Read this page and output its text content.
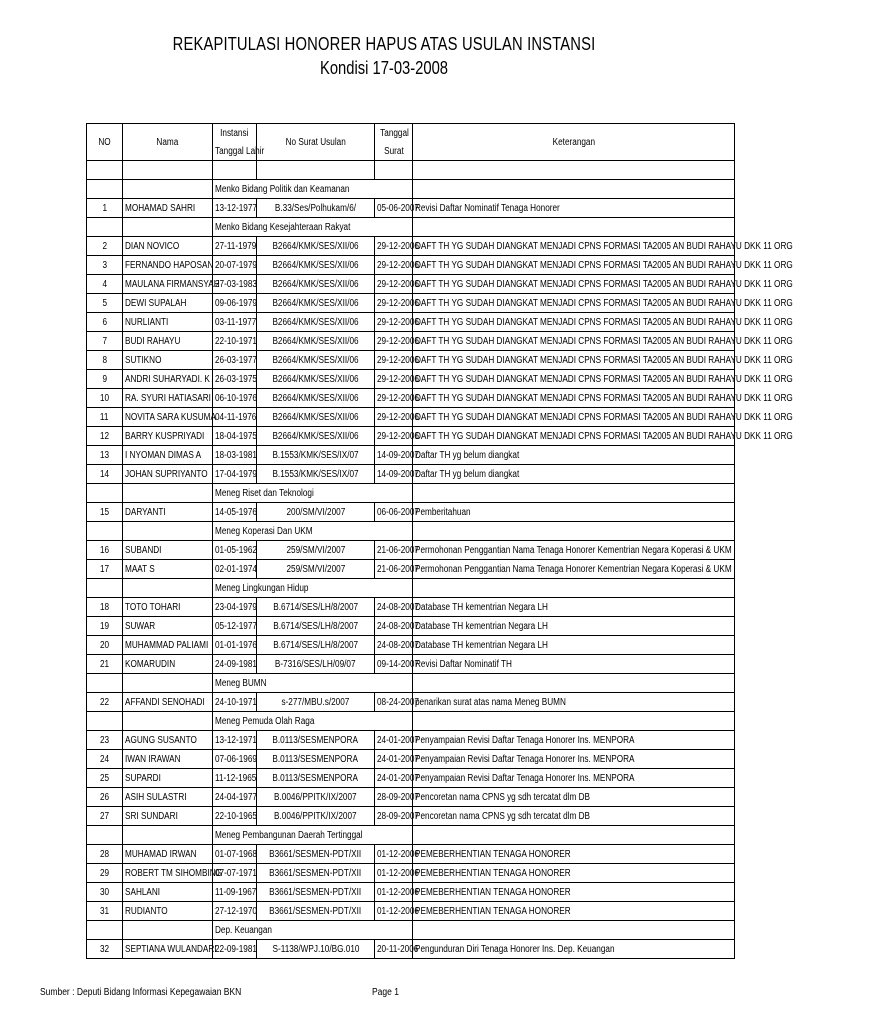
REKAPITULASI HONORER HAPUS ATAS USULAN INSTANSI
Kondisi 17-03-2008
NO	Nama	Instansi	No Surat Usulan	Tanggal	Keterangan
		Tanggal Lahir		Surat	

		Menko Bidang Politik dan Keamanan			
1	MOHAMAD SAHRI	13-12-1977	B.33/Ses/Polhukam/6/	05-06-2007	Revisi Daftar Nominatif Tenaga Honorer
		Menko Bidang Kesejahteraan Rakyat			
2	DIAN NOVICO	27-11-1979	B2664/KMK/SES/XII/06	29-12-2006	DAFT TH YG SUDAH DIANGKAT MENJADI CPNS FORMASI TA2005 AN BUDI RAHAYU DKK 11 ORG
3	FERNANDO HAPOSAN	20-07-1979	B2664/KMK/SES/XII/06	29-12-2006	DAFT TH YG SUDAH DIANGKAT MENJADI CPNS FORMASI TA2005 AN BUDI RAHAYU DKK 11 ORG
4	MAULANA FIRMANSYAH	27-03-1983	B2664/KMK/SES/XII/06	29-12-2006	DAFT TH YG SUDAH DIANGKAT MENJADI CPNS FORMASI TA2005 AN BUDI RAHAYU DKK 11 ORG
5	DEWI SUPALAH	09-06-1979	B2664/KMK/SES/XII/06	29-12-2006	DAFT TH YG SUDAH DIANGKAT MENJADI CPNS FORMASI TA2005 AN BUDI RAHAYU DKK 11 ORG
6	NURLIANTI	03-11-1977	B2664/KMK/SES/XII/06	29-12-2006	DAFT TH YG SUDAH DIANGKAT MENJADI CPNS FORMASI TA2005 AN BUDI RAHAYU DKK 11 ORG
7	BUDI RAHAYU	22-10-1971	B2664/KMK/SES/XII/06	29-12-2006	DAFT TH YG SUDAH DIANGKAT MENJADI CPNS FORMASI TA2005 AN BUDI RAHAYU DKK 11 ORG
8	SUTIKNO	26-03-1977	B2664/KMK/SES/XII/06	29-12-2006	DAFT TH YG SUDAH DIANGKAT MENJADI CPNS FORMASI TA2005 AN BUDI RAHAYU DKK 11 ORG
9	ANDRI SUHARYADI. K	26-03-1975	B2664/KMK/SES/XII/06	29-12-2006	DAFT TH YG SUDAH DIANGKAT MENJADI CPNS FORMASI TA2005 AN BUDI RAHAYU DKK 11 ORG
10	RA. SYURI HATIASARI	06-10-1976	B2664/KMK/SES/XII/06	29-12-2006	DAFT TH YG SUDAH DIANGKAT MENJADI CPNS FORMASI TA2005 AN BUDI RAHAYU DKK 11 ORG
11	NOVITA SARA KUSUMA	04-11-1976	B2664/KMK/SES/XII/06	29-12-2006	DAFT TH YG SUDAH DIANGKAT MENJADI CPNS FORMASI TA2005 AN BUDI RAHAYU DKK 11 ORG
12	BARRY KUSPRIYADI	18-04-1975	B2664/KMK/SES/XII/06	29-12-2006	DAFT TH YG SUDAH DIANGKAT MENJADI CPNS FORMASI TA2005 AN BUDI RAHAYU DKK 11 ORG
13	I NYOMAN DIMAS A	18-03-1981	B.1553/KMK/SES/IX/07	14-09-2007	Daftar TH yg belum diangkat
14	JOHAN SUPRIYANTO	17-04-1979	B.1553/KMK/SES/IX/07	14-09-2007	Daftar TH yg belum diangkat
		Meneg Riset dan Teknologi			
15	DARYANTI	14-05-1976	200/SM/VI/2007	06-06-2007	Pemberitahuan
		Meneg Koperasi Dan UKM			
16	SUBANDI	01-05-1962	259/SM/VI/2007	21-06-2007	Permohonan Penggantian Nama Tenaga Honorer Kementrian Negara Koperasi & UKM
17	MAAT S	02-01-1974	259/SM/VI/2007	21-06-2007	Permohonan Penggantian Nama Tenaga Honorer Kementrian Negara Koperasi & UKM
		Meneg Lingkungan Hidup			
18	TOTO TOHARI	23-04-1979	B.6714/SES/LH/8/2007	24-08-2007	Database TH kementrian Negara LH
19	SUWAR	05-12-1977	B.6714/SES/LH/8/2007	24-08-2007	Database TH kementrian Negara LH
20	MUHAMMAD PALIAMI	01-01-1976	B.6714/SES/LH/8/2007	24-08-2007	Database TH kementrian Negara LH
21	KOMARUDIN	24-09-1981	B-7316/SES/LH/09/07	09-14-2007	Revisi Daftar Nominatif TH
		Meneg BUMN			
22	AFFANDI SENOHADI	24-10-1971	s-277/MBU.s/2007	08-24-2007	penarikan surat atas nama Meneg BUMN
		Meneg Pemuda Olah Raga			
23	AGUNG SUSANTO	13-12-1971	B.0113/SESMENPORA	24-01-2007	Penyampaian Revisi Daftar Tenaga Honorer Ins. MENPORA
24	IWAN IRAWAN	07-06-1969	B.0113/SESMENPORA	24-01-2007	Penyampaian Revisi Daftar Tenaga Honorer Ins. MENPORA
25	SUPARDI	11-12-1965	B.0113/SESMENPORA	24-01-2007	Penyampaian Revisi Daftar Tenaga Honorer Ins. MENPORA
26	ASIH SULASTRI	24-04-1977	B.0046/PPITK/IX/2007	28-09-2007	Pencoretan nama CPNS yg sdh tercatat dlm DB
27	SRI SUNDARI	22-10-1965	B.0046/PPITK/IX/2007	28-09-2007	Pencoretan nama CPNS yg sdh tercatat dlm DB
		Meneg Pembangunan Daerah Tertinggal			
28	MUHAMAD IRWAN	01-07-1968	B3661/SESMEN-PDT/XII	01-12-2006	PEMEBERHENTIAN TENAGA HONORER
29	ROBERT TM SIHOMBING	07-07-1971	B3661/SESMEN-PDT/XII	01-12-2006	PEMEBERHENTIAN TENAGA HONORER
30	SAHLANI	11-09-1967	B3661/SESMEN-PDT/XII	01-12-2006	PEMEBERHENTIAN TENAGA HONORER
31	RUDIANTO	27-12-1970	B3661/SESMEN-PDT/XII	01-12-2006	PEMEBERHENTIAN TENAGA HONORER
		Dep. Keuangan			
32	SEPTIANA WULANDARI	22-09-1981	S-1138/WPJ.10/BG.010	20-11-2006	Pengunduran Diri Tenaga Honorer Ins. Dep. Keuangan
Sumber : Deputi Bidang Informasi Kepegawaian BKN	Page 1
